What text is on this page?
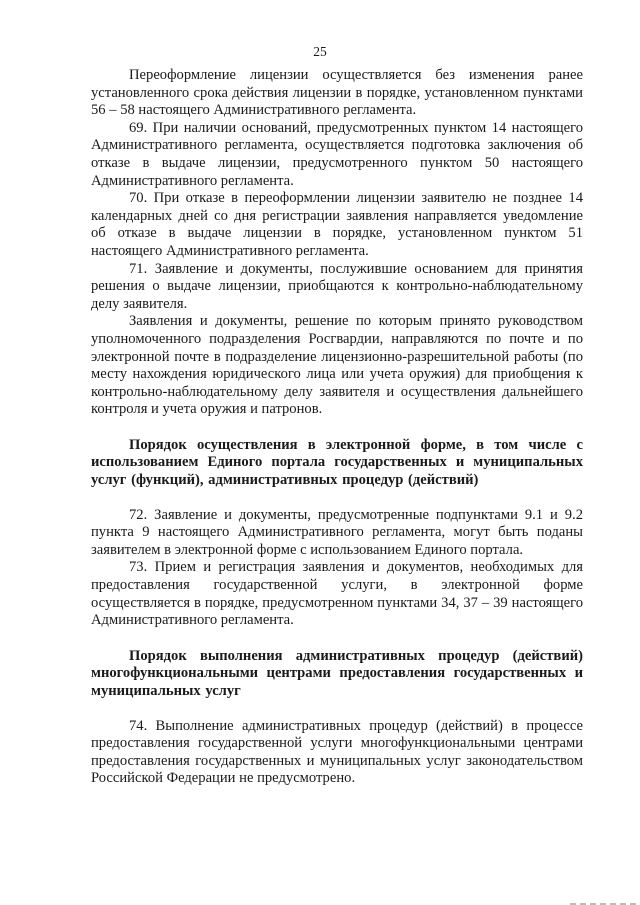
25

Переоформление лицензии осуществляется без изменения ранее установленного срока действия лицензии в порядке, установленном пунктами 56 – 58 настоящего Административного регламента.

69. При наличии оснований, предусмотренных пунктом 14 настоящего Административного регламента, осуществляется подготовка заключения об отказе в выдаче лицензии, предусмотренного пунктом 50 настоящего Административного регламента.

70. При отказе в переоформлении лицензии заявителю не позднее 14 календарных дней со дня регистрации заявления направляется уведомление об отказе в выдаче лицензии в порядке, установленном пунктом 51 настоящего Административного регламента.

71. Заявление и документы, послужившие основанием для принятия решения о выдаче лицензии, приобщаются к контрольно-наблюдательному делу заявителя.

Заявления и документы, решение по которым принято руководством уполномоченного подразделения Росгвардии, направляются по почте и по электронной почте в подразделение лицензионно-разрешительной работы (по месту нахождения юридического лица или учета оружия) для приобщения к контрольно-наблюдательному делу заявителя и осуществления дальнейшего контроля и учета оружия и патронов.

Порядок осуществления в электронной форме, в том числе с использованием Единого портала государственных и муниципальных услуг (функций), административных процедур (действий)

72. Заявление и документы, предусмотренные подпунктами 9.1 и 9.2 пункта 9 настоящего Административного регламента, могут быть поданы заявителем в электронной форме с использованием Единого портала.

73. Прием и регистрация заявления и документов, необходимых для предоставления государственной услуги, в электронной форме осуществляется в порядке, предусмотренном пунктами 34, 37 – 39 настоящего Административного регламента.

Порядок выполнения административных процедур (действий) многофункциональными центрами предоставления государственных и муниципальных услуг

74. Выполнение административных процедур (действий) в процессе предоставления государственной услуги многофункциональными центрами предоставления государственных и муниципальных услуг законодательством Российской Федерации не предусмотрено.
